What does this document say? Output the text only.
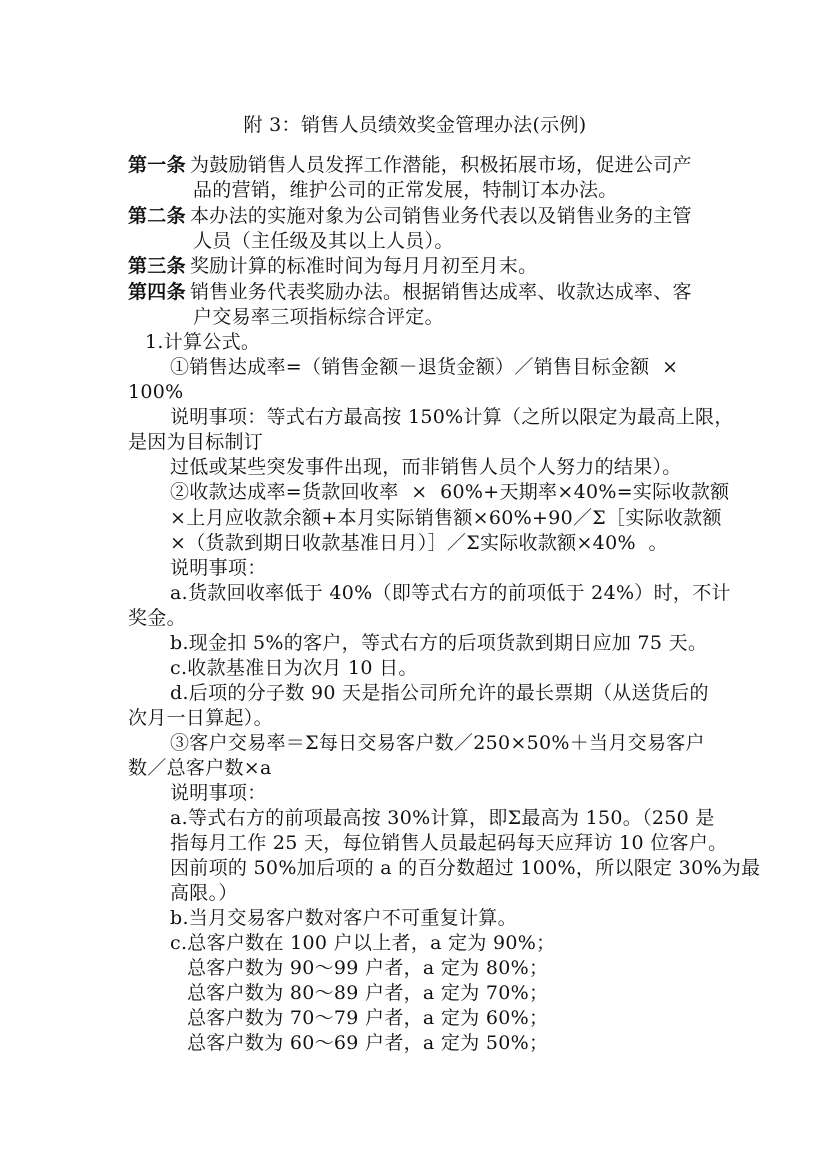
附 3：销售人员绩效奖金管理办法(示例)
第一条 为鼓励销售人员发挥工作潜能，积极拓展市场，促进公司产
品的营销，维护公司的正常发展，特制订本办法。
第二条 本办法的实施对象为公司销售业务代表以及销售业务的主管
人员（主任级及其以上人员）。
第三条 奖励计算的标准时间为每月月初至月末。
第四条 销售业务代表奖励办法。根据销售达成率、收款达成率、客
户交易率三项指标综合评定。
1.计算公式。
①销售达成率=（销售金额－退货金额）／销售目标金额  ×
100%
说明事项：等式右方最高按 150%计算（之所以限定为最高上限，
是因为目标制订
过低或某些突发事件出现，而非销售人员个人努力的结果）。
②收款达成率=货款回收率  ×  60%+天期率×40%=实际收款额
×上月应收款余额+本月实际销售额×60%+90／Σ［实际收款额
×（货款到期日收款基准日月）］／Σ实际收款额×40%  。
说明事项：
a.货款回收率低于 40%（即等式右方的前项低于 24%）时，不计
奖金。
b.现金扣 5%的客户，等式右方的后项货款到期日应加 75 天。
c.收款基准日为次月 10 日。
d.后项的分子数 90 天是指公司所允许的最长票期（从送货后的
次月一日算起）。
③客户交易率＝Σ每日交易客户数／250×50%＋当月交易客户
数／总客户数×a
说明事项：
a.等式右方的前项最高按 30%计算，即Σ最高为 150。（250 是
指每月工作 25 天，每位销售人员最起码每天应拜访 10 位客户。
因前项的 50%加后项的 a 的百分数超过 100%，所以限定 30%为最
高限。）
b.当月交易客户数对客户不可重复计算。
c.总客户数在 100 户以上者，a 定为 90%；
总客户数为 90～99 户者，a 定为 80%；
总客户数为 80～89 户者，a 定为 70%；
总客户数为 70～79 户者，a 定为 60%；
总客户数为 60～69 户者，a 定为 50%；
